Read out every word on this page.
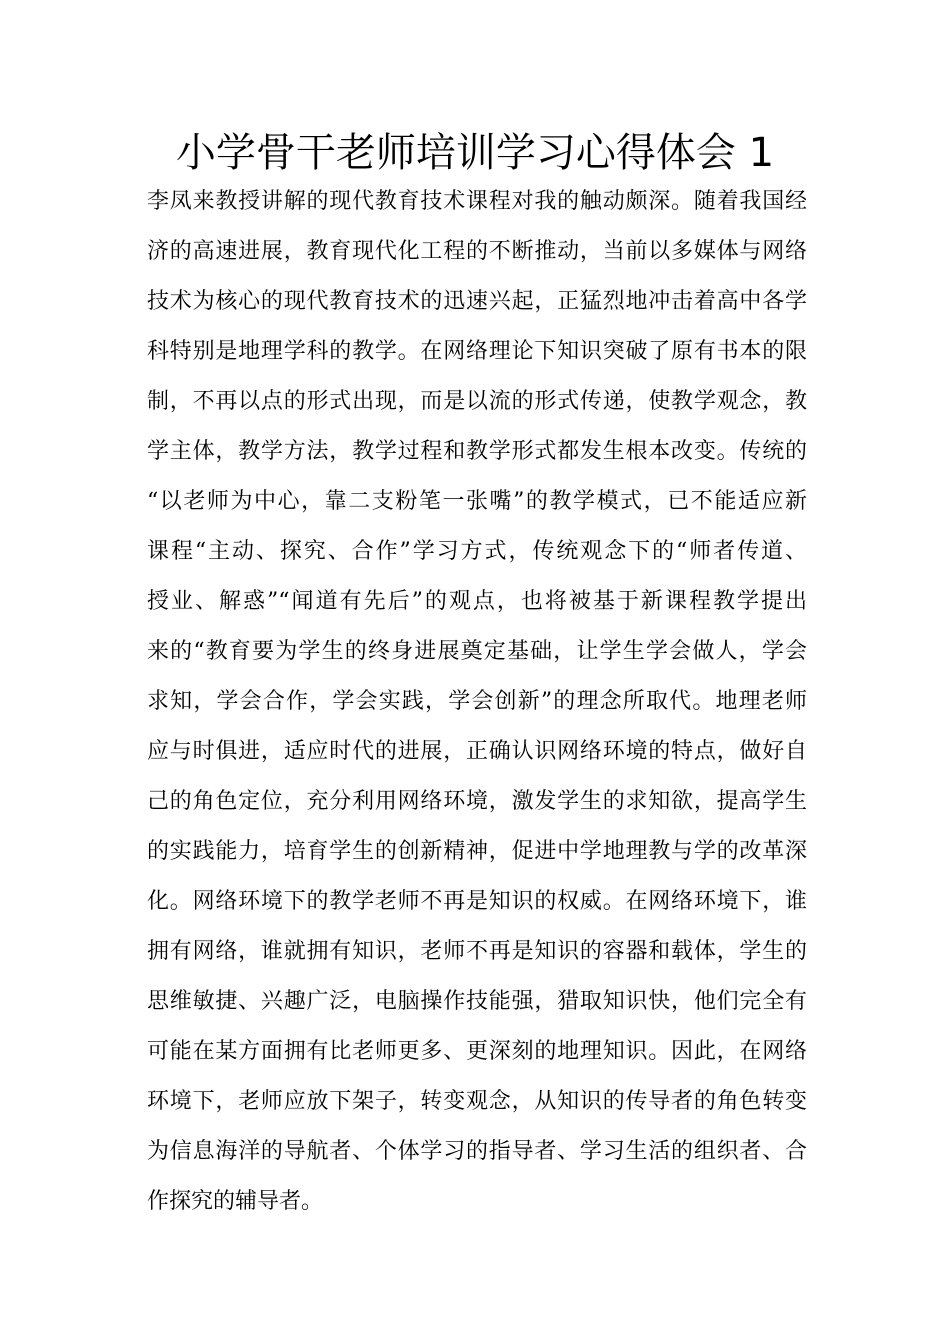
小学骨干老师培训学习心得体会 1
李凤来教授讲解的现代教育技术课程对我的触动颇深。随着我国经
济的高速进展，教育现代化工程的不断推动，当前以多媒体与网络
技术为核心的现代教育技术的迅速兴起，正猛烈地冲击着高中各学
科特别是地理学科的教学。在网络理论下知识突破了原有书本的限
制，不再以点的形式出现，而是以流的形式传递，使教学观念，教
学主体，教学方法，教学过程和教学形式都发生根本改变。传统的
“以老师为中心，靠二支粉笔一张嘴”的教学模式，已不能适应新
课程“主动、探究、合作”学习方式，传统观念下的“师者传道、
授业、解惑”“闻道有先后”的观点，也将被基于新课程教学提出
来的“教育要为学生的终身进展奠定基础，让学生学会做人，学会
求知，学会合作，学会实践，学会创新”的理念所取代。地理老师
应与时俱进，适应时代的进展，正确认识网络环境的特点，做好自
己的角色定位，充分利用网络环境，激发学生的求知欲，提高学生
的实践能力，培育学生的创新精神，促进中学地理教与学的改革深
化。网络环境下的教学老师不再是知识的权威。在网络环境下，谁
拥有网络，谁就拥有知识，老师不再是知识的容器和载体，学生的
思维敏捷、兴趣广泛，电脑操作技能强，猎取知识快，他们完全有
可能在某方面拥有比老师更多、更深刻的地理知识。因此，在网络
环境下，老师应放下架子，转变观念，从知识的传导者的角色转变
为信息海洋的导航者、个体学习的指导者、学习生活的组织者、合
作探究的辅导者。
